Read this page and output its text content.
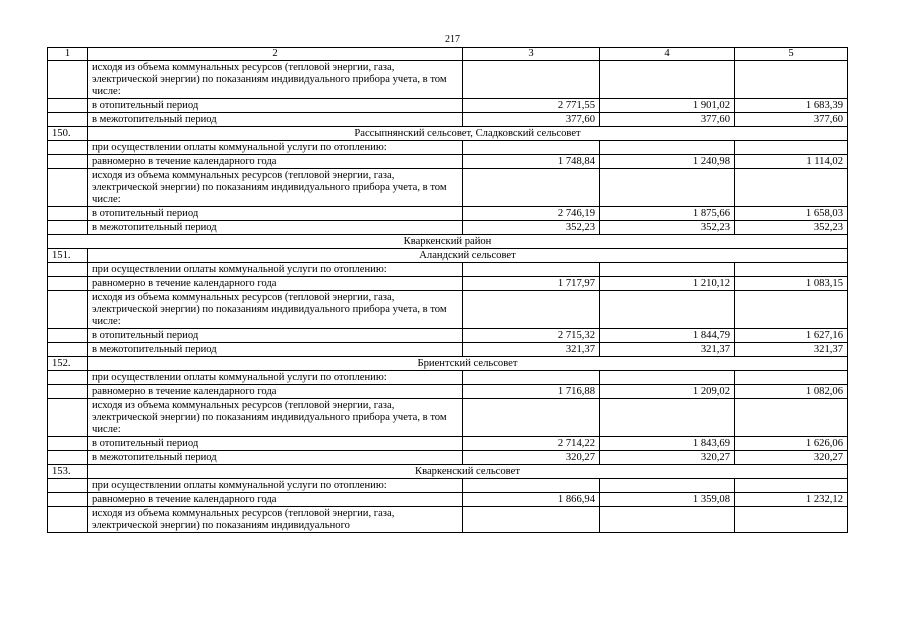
217
1	2	3	4	5
	исходя из объема коммунальных ресурсов (тепловой энергии, газа, электрической энергии) по показаниям индивидуального прибора учета, в том числе:			
	в отопительный период	2 771,55	1 901,02	1 683,39
	в межотопительный период	377,60	377,60	377,60
150.	Рассыпнянский сельсовет, Сладковский сельсовет			
	при осуществлении оплаты коммунальной услуги по отоплению:			
	равномерно в течение календарного года	1 748,84	1 240,98	1 114,02
	исходя из объема коммунальных ресурсов (тепловой энергии, газа, электрической энергии) по показаниям индивидуального прибора учета, в том числе:			
	в отопительный период	2 746,19	1 875,66	1 658,03
	в межотопительный период	352,23	352,23	352,23
Кваркенский район				
151.	Аландский сельсовет			
	при осуществлении оплаты коммунальной услуги по отоплению:			
	равномерно в течение календарного года	1 717,97	1 210,12	1 083,15
	исходя из объема коммунальных ресурсов (тепловой энергии, газа, электрической энергии) по показаниям индивидуального прибора учета, в том числе:			
	в отопительный период	2 715,32	1 844,79	1 627,16
	в межотопительный период	321,37	321,37	321,37
152.	Бриентский сельсовет			
	при осуществлении оплаты коммунальной услуги по отоплению:			
	равномерно в течение календарного года	1 716,88	1 209,02	1 082,06
	исходя из объема коммунальных ресурсов (тепловой энергии, газа, электрической энергии) по показаниям индивидуального прибора учета, в том числе:			
	в отопительный период	2 714,22	1 843,69	1 626,06
	в межотопительный период	320,27	320,27	320,27
153.	Кваркенский сельсовет			
	при осуществлении оплаты коммунальной услуги по отоплению:			
	равномерно в течение календарного года	1 866,94	1 359,08	1 232,12
	исходя из объема коммунальных ресурсов (тепловой энергии, газа, электрической энергии) по показаниям индивидуального			
